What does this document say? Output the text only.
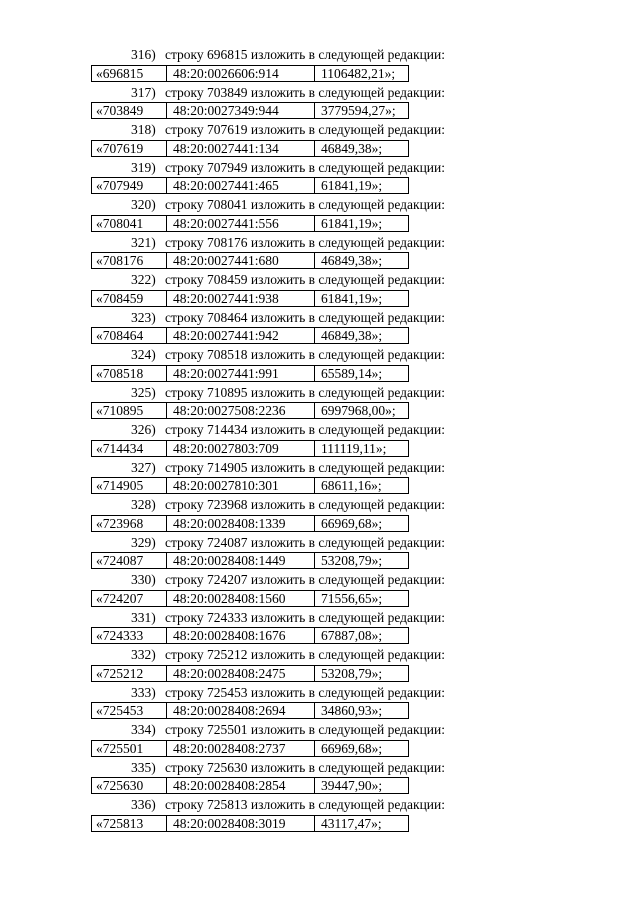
316) строку 696815 изложить в следующей редакции:
«696815	48:20:0026606:914	1106482,21»;
317) строку 703849 изложить в следующей редакции:
«703849	48:20:0027349:944	3779594,27»;
318) строку 707619 изложить в следующей редакции:
«707619	48:20:0027441:134	46849,38»;
319) строку 707949 изложить в следующей редакции:
«707949	48:20:0027441:465	61841,19»;
320) строку 708041 изложить в следующей редакции:
«708041	48:20:0027441:556	61841,19»;
321) строку 708176 изложить в следующей редакции:
«708176	48:20:0027441:680	46849,38»;
322) строку 708459 изложить в следующей редакции:
«708459	48:20:0027441:938	61841,19»;
323) строку 708464 изложить в следующей редакции:
«708464	48:20:0027441:942	46849,38»;
324) строку 708518 изложить в следующей редакции:
«708518	48:20:0027441:991	65589,14»;
325) строку 710895 изложить в следующей редакции:
«710895	48:20:0027508:2236	6997968,00»;
326) строку 714434 изложить в следующей редакции:
«714434	48:20:0027803:709	111119,11»;
327) строку 714905 изложить в следующей редакции:
«714905	48:20:0027810:301	68611,16»;
328) строку 723968 изложить в следующей редакции:
«723968	48:20:0028408:1339	66969,68»;
329) строку 724087 изложить в следующей редакции:
«724087	48:20:0028408:1449	53208,79»;
330) строку 724207 изложить в следующей редакции:
«724207	48:20:0028408:1560	71556,65»;
331) строку 724333 изложить в следующей редакции:
«724333	48:20:0028408:1676	67887,08»;
332) строку 725212 изложить в следующей редакции:
«725212	48:20:0028408:2475	53208,79»;
333) строку 725453 изложить в следующей редакции:
«725453	48:20:0028408:2694	34860,93»;
334) строку 725501 изложить в следующей редакции:
«725501	48:20:0028408:2737	66969,68»;
335) строку 725630 изложить в следующей редакции:
«725630	48:20:0028408:2854	39447,90»;
336) строку 725813 изложить в следующей редакции:
«725813	48:20:0028408:3019	43117,47»;
